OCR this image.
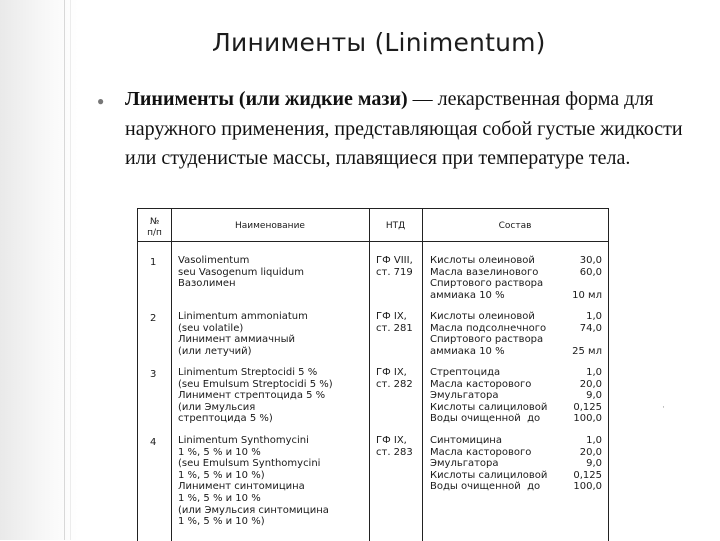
Линименты (Linimentum)
● Линименты (или жидкие мази) — лекарственная форма для наружного применения, представляющая собой густые жидкости или студенистые массы, плавящиеся при температуре тела.
№
п/п
Наименование	НТД	Состав
1 Vasolimentum
seu Vasogenum liquidum
Вазолимен
ГФ VIII,
ст. 719
Кислоты олеиновой
Масла вазелинового
Спиртового раствора
аммиака 10 %
30,0
60,0

10 мл
2 Linimentum ammoniatum
(seu volatile)
Линимент аммиачный
(или летучий)
ГФ IX,
ст. 281
Кислоты олеиновой
Масла подсолнечного
Спиртового раствора
аммиака 10 %
1,0
74,0

25 мл
3 Linimentum Streptocidi 5 %
(seu Emulsum Streptocidi 5 %)
Линимент стрептоцида 5 %
(или Эмульсия
стрептоцида 5 %)
ГФ IX,
ст. 282
Стрептоцида
Масла касторового
Эмульгатора
Кислоты салициловой
Воды очищенной  до
1,0
20,0
9,0
0,125
100,0
4 Linimentum Synthomycini
1 %, 5 % и 10 %
(seu Emulsum Synthomycini
1 %, 5 % и 10 %)
Линимент синтомицина
1 %, 5 % и 10 %
(или Эмульсия синтомицина
1 %, 5 % и 10 %)
ГФ IX,
ст. 283
Синтомицина
Масла касторового
Эмульгатора
Кислоты салициловой
Воды очищенной  до
1,0
20,0
9,0
0,125
100,0
·
